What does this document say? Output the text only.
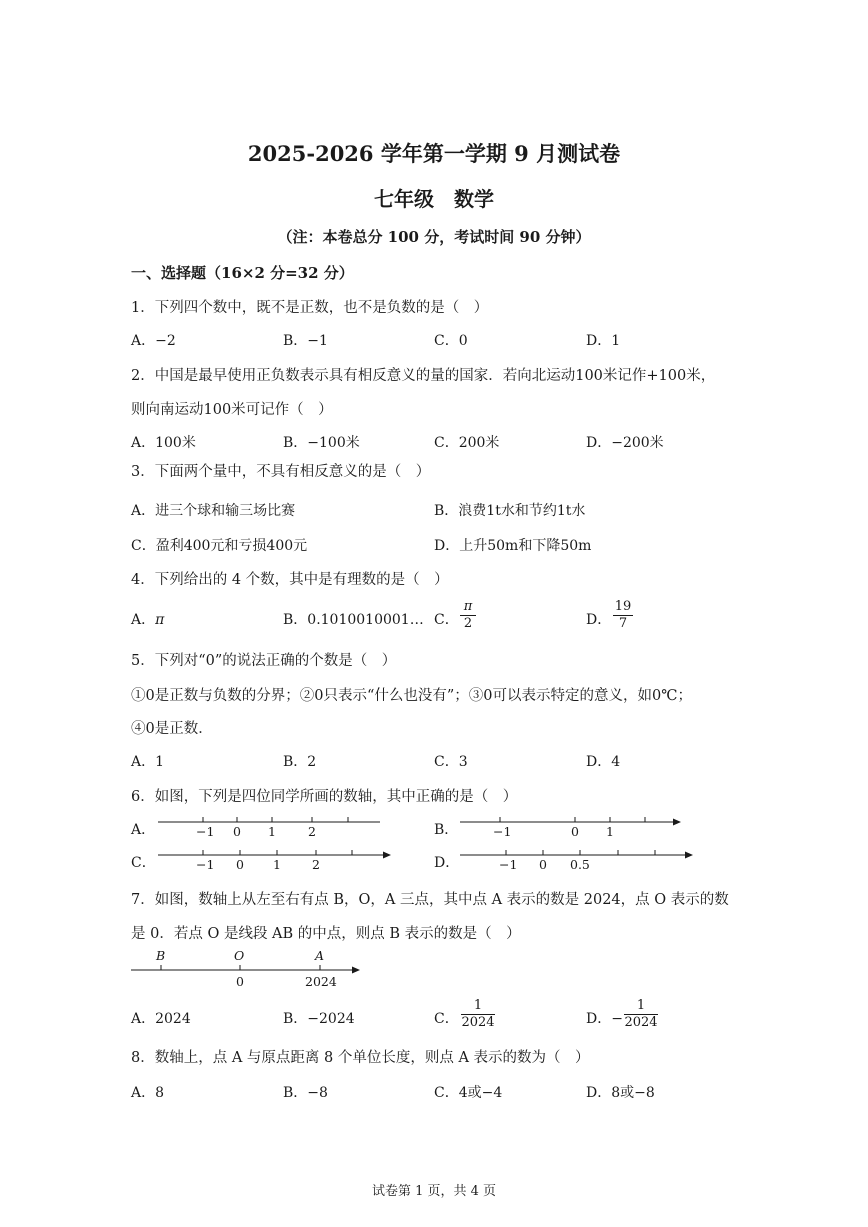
2025-2026 学年第一学期 9 月测试卷
七年级　数学
（注：本卷总分 100 分，考试时间 90 分钟）
一、选择题（16×2 分=32 分）
1．下列四个数中，既不是正数，也不是负数的是（　）
A．−2	B．−1	C．0	D．1
2．中国是最早使用正负数表示具有相反意义的量的国家．若向北运动100米记作+100米，
则向南运动100米可记作（　）
A．100米	B．−100米	C．200米	D．−200米
3．下面两个量中，不具有相反意义的是（　）
A．进三个球和输三场比赛	B．浪费1t水和节约1t水
C．盈利400元和亏损400元	D．上升50m和下降50m
4．下列给出的 4 个数，其中是有理数的是（　）
A．π	B．0.1010010001… C． $\frac{\pi}{2}$	D． $\frac{19}{7}$
5．下列对“0”的说法正确的个数是（　）
①0是正数与负数的分界；②0只表示“什么也没有”；③0可以表示特定的意义，如0℃；
④0是正数．
A．1	B．2	C．3	D．4
6．如图，下列是四位同学所画的数轴，其中正确的是（　）
A．	B．
C．	D．
−1 0 1	2	−1	0 1
−1 0 1 2	−1 0 0.5
B	O	A
0	2024
7．如图，数轴上从左至右有点 B，O，A 三点，其中点 A 表示的数是 2024，点 O 表示的数
是 0．若点 O 是线段 AB 的中点，则点 B 表示的数是（　）
A．2024	B．−2024	C． $\frac{1}{2024}$	D．− $\frac{1}{2024}$
8．数轴上，点 A 与原点距离 8 个单位长度，则点 A 表示的数为（　）
A．8	B．−8	C．4或−4	D．8或−8
试卷第 1 页，共 4 页
